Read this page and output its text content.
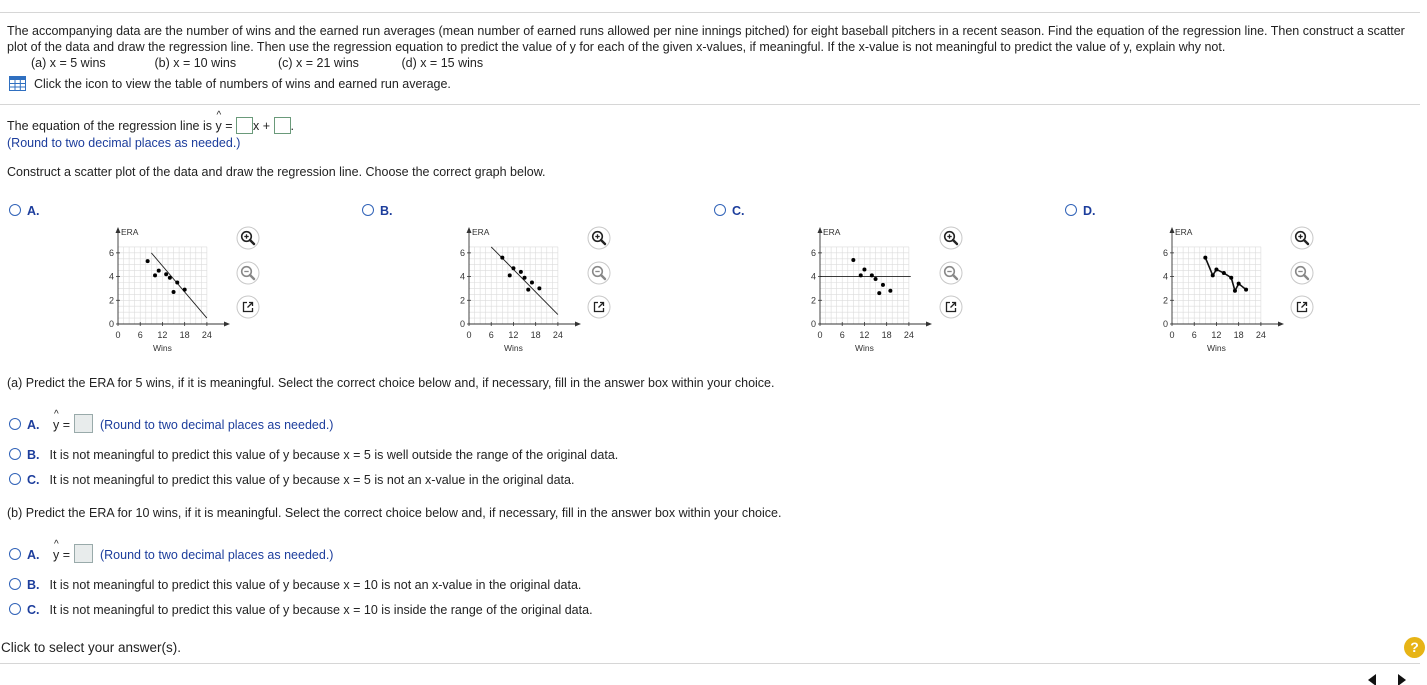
The accompanying data are the number of wins and the earned run averages (mean number of earned runs allowed per nine innings pitched) for eight baseball pitchers in a recent season. Find the equation of the regression line. Then construct a scatter plot of the data and draw the regression line. Then use the regression equation to predict the value of y for each of the given x-values, if meaningful. If the x-value is not meaningful to predict the value of y, explain why not.
(a) x = 5 wins	(b) x = 10 wins	(c) x = 21 wins	(d) x = 15 wins
Click the icon to view the table of numbers of wins and earned run average.
The equation of the regression line is
^
y = x + .
(Round to two decimal places as needed.)
Construct a scatter plot of the data and draw the regression line. Choose the correct graph below.
A.	B.	C.	D.
ERA
Wins
0 6 12 18 24
0
2
4
6
ERA
Wins
0 6 12 18 24
0
2
4
6
ERA
Wins
0 6 12 18 24
0
2
4
6
ERA
Wins
0 6 12 18 24
0
2
4
6
(a) Predict the ERA for 5 wins, if it is meaningful. Select the correct choice below and, if necessary, fill in the answer box within your choice.
A.
^
y = (Round to two decimal places as needed.)
B. It is not meaningful to predict this value of y because x = 5 is well outside the range of the original data.
C. It is not meaningful to predict this value of y because x = 5 is not an x-value in the original data.
(b) Predict the ERA for 10 wins, if it is meaningful. Select the correct choice below and, if necessary, fill in the answer box within your choice.
A.
^
y = (Round to two decimal places as needed.)
B. It is not meaningful to predict this value of y because x = 10 is not an x-value in the original data.
C. It is not meaningful to predict this value of y because x = 10 is inside the range of the original data.
Click to select your answer(s).	?
